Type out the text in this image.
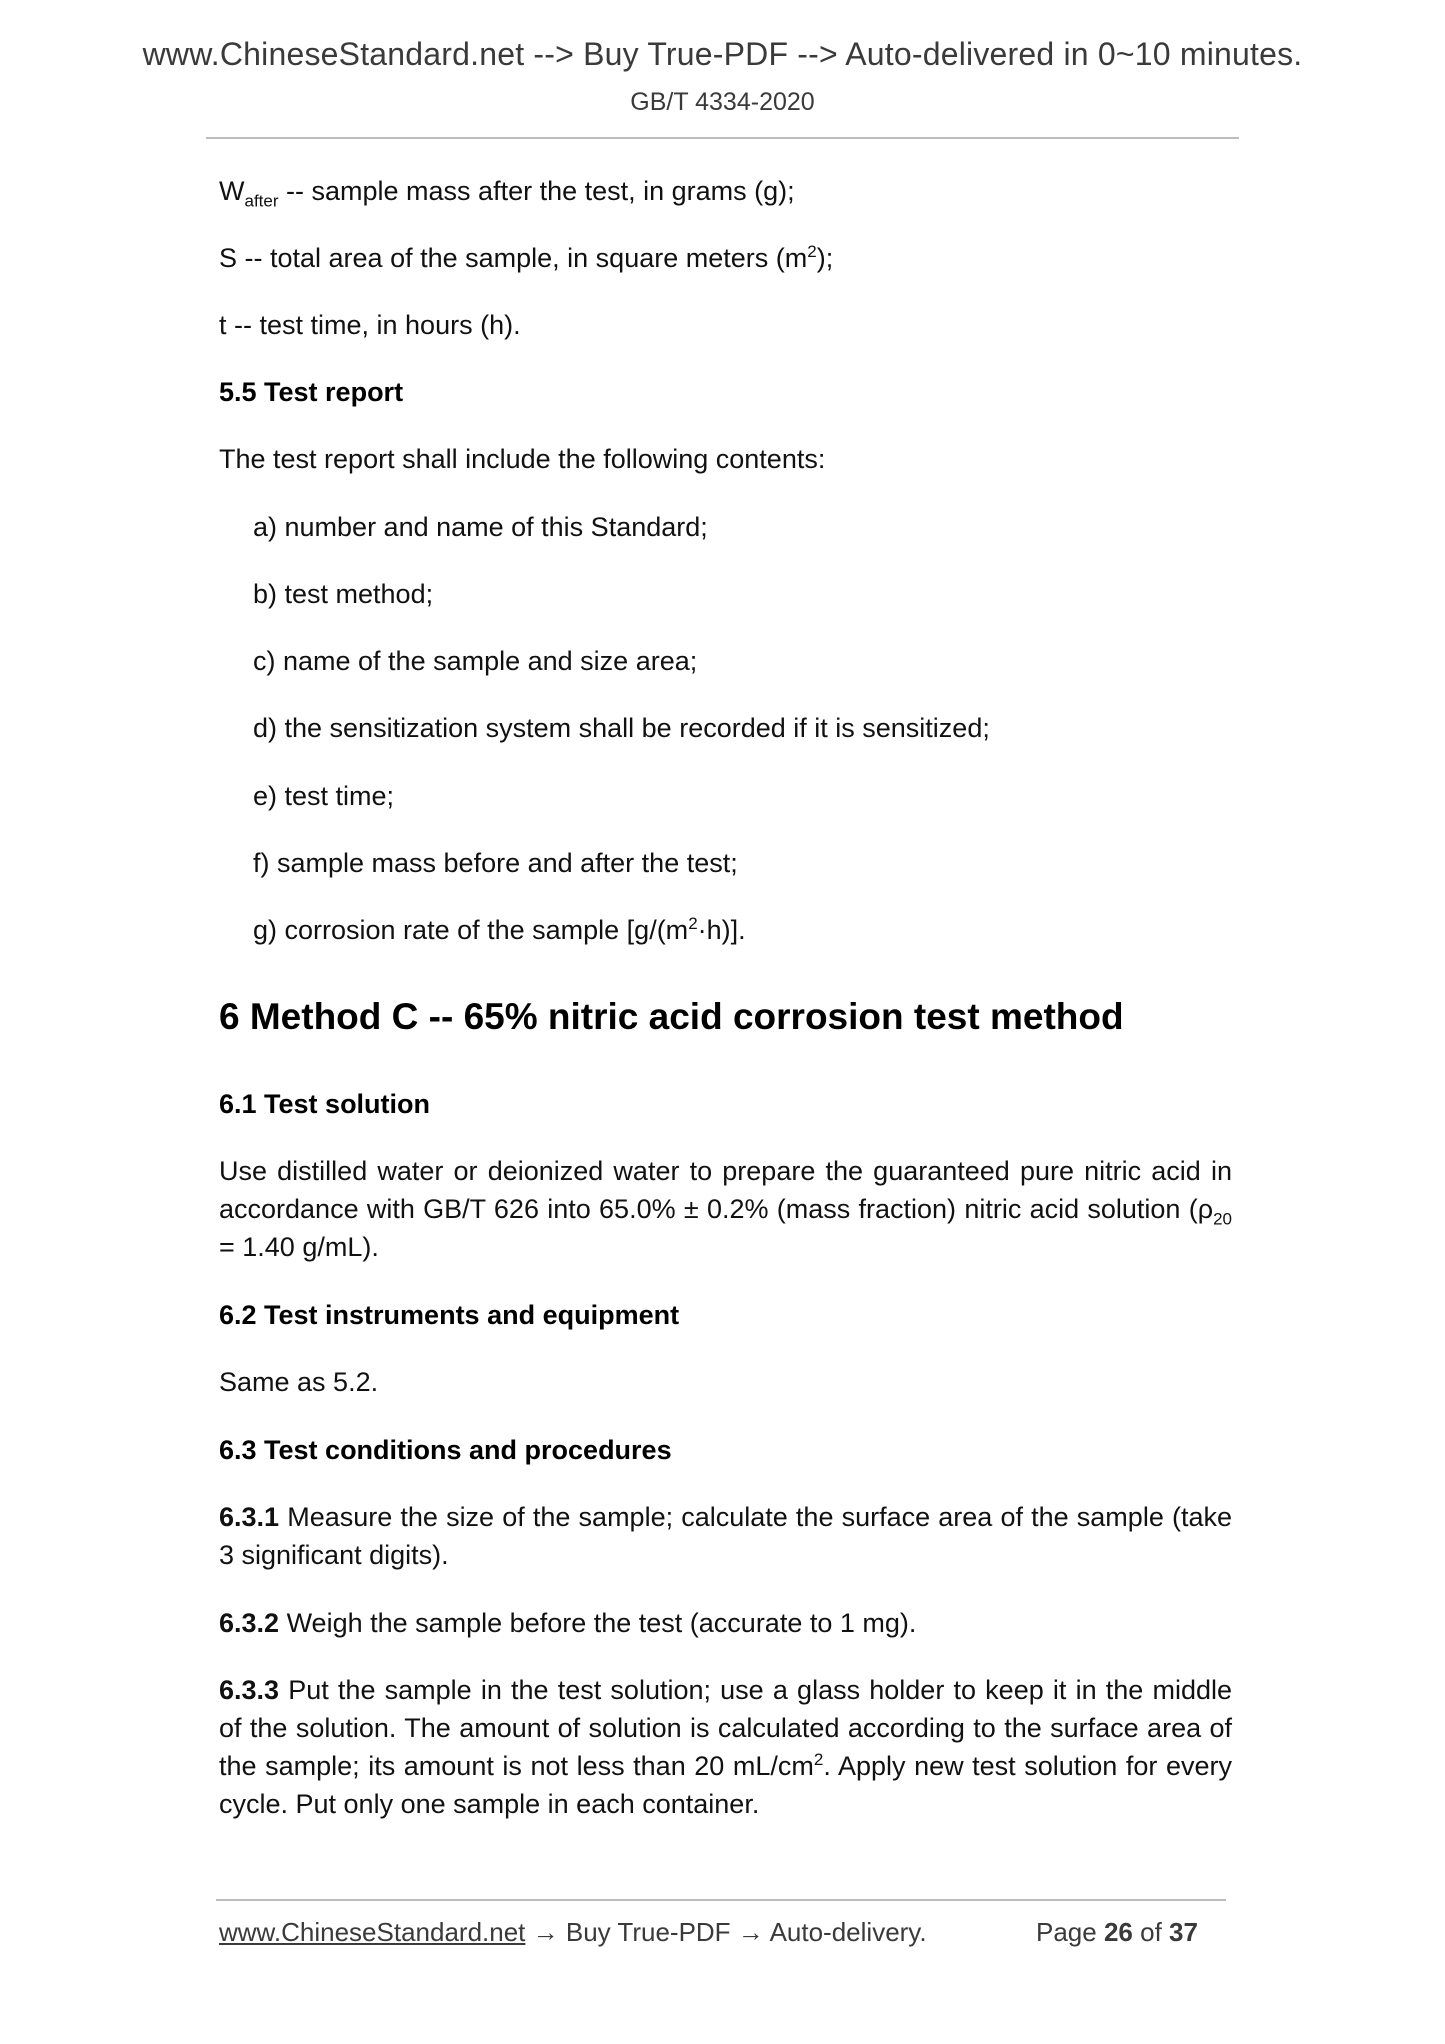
www.ChineseStandard.net --> Buy True-PDF --> Auto-delivered in 0~10 minutes.
GB/T 4334-2020

$W_{after}$ -- sample mass after the test, in grams (g);

S -- total area of the sample, in square meters $(m^2)$;

t -- test time, in hours (h).

5.5 Test report

The test report shall include the following contents:

a) number and name of this Standard;

b) test method;

c) name of the sample and size area;

d) the sensitization system shall be recorded if it is sensitized;

e) test time;

f) sample mass before and after the test;

g) corrosion rate of the sample $[g/(m^2\cdot h)]$.

6 Method C -- 65% nitric acid corrosion test method
6.1 Test solution

Use distilled water or deionized water to prepare the guaranteed pure nitric acid in accordance with GB/T 626 into 65.0% ± 0.2% (mass fraction) nitric acid solution ($\rho_{20} = 1.40$ g/mL).

6.2 Test instruments and equipment

Same as 5.2.

6.3 Test conditions and procedures

6.3.1 Measure the size of the sample; calculate the surface area of the sample (take 3 significant digits).

6.3.2 Weigh the sample before the test (accurate to 1 mg).

6.3.3 Put the sample in the test solution; use a glass holder to keep it in the middle of the solution. The amount of solution is calculated according to the surface area of the sample; its amount is not less than 20 $mL/cm^2$. Apply new test solution for every cycle. Put only one sample in each container.

www.ChineseStandard.net → Buy True-PDF → Auto-delivery.	Page 26 of 37
